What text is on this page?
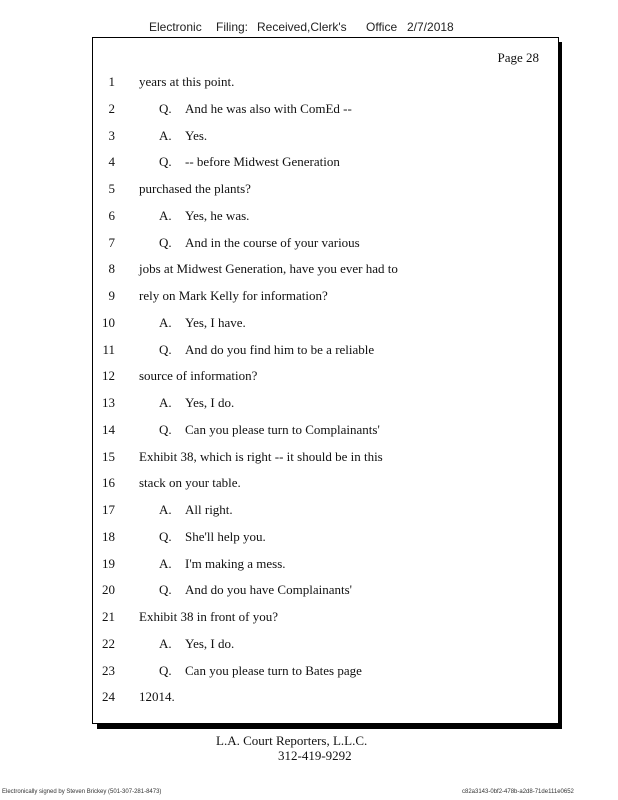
Electronic Filing: Received,Clerk's Office 2/7/2018
Page 28
1 years at this point.
2	Q. And he was also with ComEd --
3	A. Yes.
4	Q. -- before Midwest Generation
5 purchased the plants?
6	A. Yes, he was.
7	Q. And in the course of your various
8 jobs at Midwest Generation, have you ever had to
9 rely on Mark Kelly for information?
10	A. Yes, I have.
11	Q. And do you find him to be a reliable
12 source of information?
13	A. Yes, I do.
14	Q. Can you please turn to Complainants'
15 Exhibit 38, which is right -- it should be in this
16 stack on your table.
17	A. All right.
18	Q. She'll help you.
19	A. I'm making a mess.
20	Q. And do you have Complainants'
21 Exhibit 38 in front of you?
22	A. Yes, I do.
23	Q. Can you please turn to Bates page
24 12014.
L.A. Court Reporters, L.L.C.
312-419-9292
Electronically signed by Steven Brickey (501-307-281-8473)	c82a3143-0bf2-478b-a2d8-71de111e0652
